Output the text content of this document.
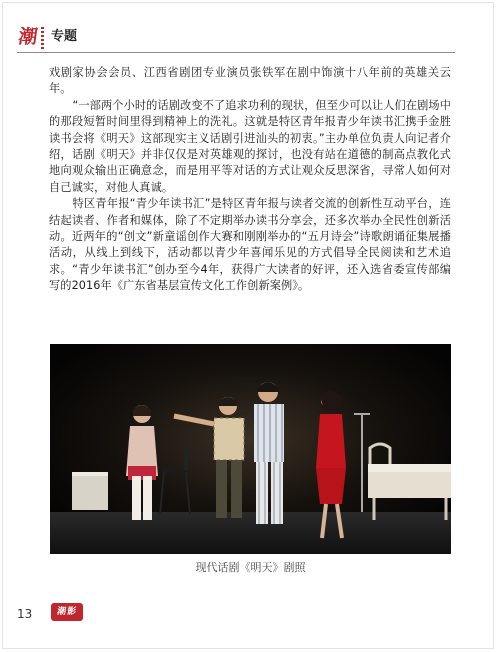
潮 专题

戏剧家协会会员、江西省剧团专业演员张铁军在剧中饰演十八年前的英雄关云年。

“一部两个小时的话剧改变不了追求功利的现状，但至少可以让人们在剧场中的那段短暂时间里得到精神上的洗礼。这就是特区青年报青少年读书汇携手金胜读书会将《明天》这部现实主义话剧引进汕头的初衷。”主办单位负责人向记者介绍，话剧《明天》并非仅仅是对英雄观的探讨，也没有站在道德的制高点教化式地向观众输出正确意念，而是用平等对话的方式让观众反思深省，寻常人如何对自己诚实，对他人真诚。

特区青年报“青少年读书汇”是特区青年报与读者交流的创新性互动平台，连结起读者、作者和媒体，除了不定期举办读书分享会，还多次举办全民性创新活动。近两年的“创文”新童谣创作大赛和刚刚举办的“五月诗会”诗歌朗诵征集展播活动，从线上到线下，活动都以青少年喜闻乐见的方式倡导全民阅读和艺术追求。“青少年读书汇”创办至今4年，获得广大读者的好评，还入选省委宣传部编写的2016年《广东省基层宣传文化工作创新案例》。

现代话剧《明天》剧照
13	潮影
